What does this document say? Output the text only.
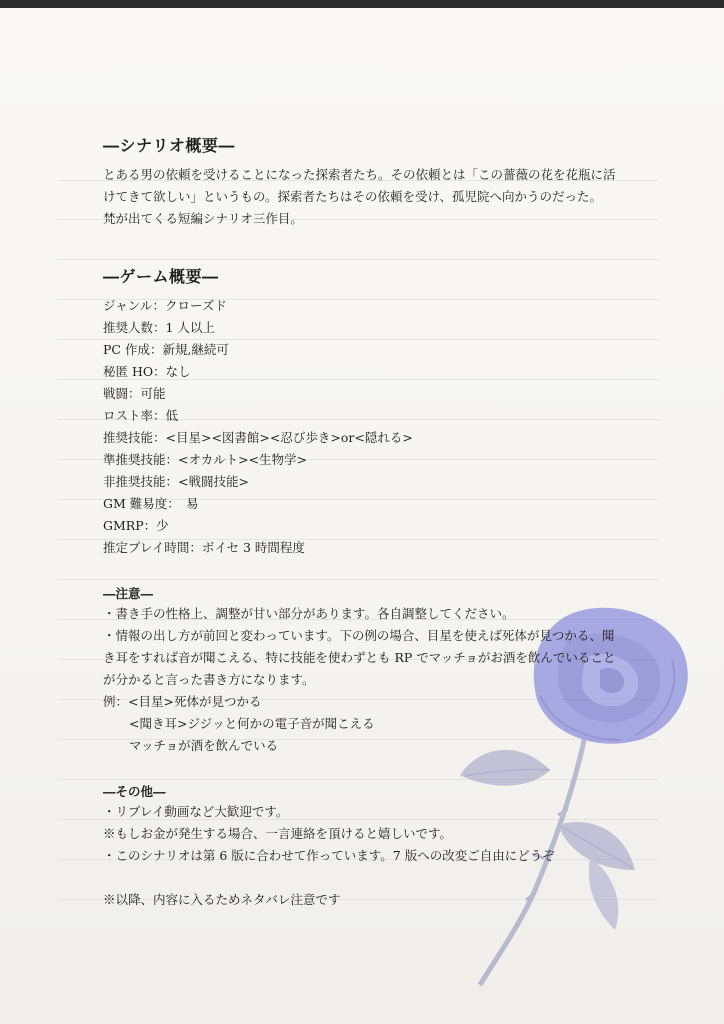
―シナリオ概要―
とある男の依頼を受けることになった探索者たち。その依頼とは「この薔薇の花を花瓶に活
けてきて欲しい」というもの。探索者たちはその依頼を受け、孤児院へ向かうのだった。
梵が出てくる短編シナリオ三作目。
―ゲーム概要―
ジャンル：クローズド
推奨人数：1 人以上
PC 作成：新規,継続可
秘匿 HO：なし
戦闘：可能
ロスト率：低
推奨技能：<目星><図書館><忍び歩き>or<隠れる>
準推奨技能：<オカルト><生物学>
非推奨技能：<戦闘技能>
GM 難易度：　易
GMRP：少
推定プレイ時間：ボイセ 3 時間程度
―注意―
・書き手の性格上、調整が甘い部分があります。各自調整してください。
・情報の出し方が前回と変わっています。下の例の場合、目星を使えば死体が見つかる、聞
き耳をすれば音が聞こえる、特に技能を使わずとも RP でマッチョがお酒を飲んでいること
が分かると言った書き方になります。
例：<目星>死体が見つかる
<聞き耳>ジジッと何かの電子音が聞こえる
マッチョが酒を飲んでいる
―その他―
・リプレイ動画など大歓迎です。
※もしお金が発生する場合、一言連絡を頂けると嬉しいです。
・このシナリオは第 6 版に合わせて作っています。7 版への改変ご自由にどうぞ
※以降、内容に入るためネタバレ注意です
